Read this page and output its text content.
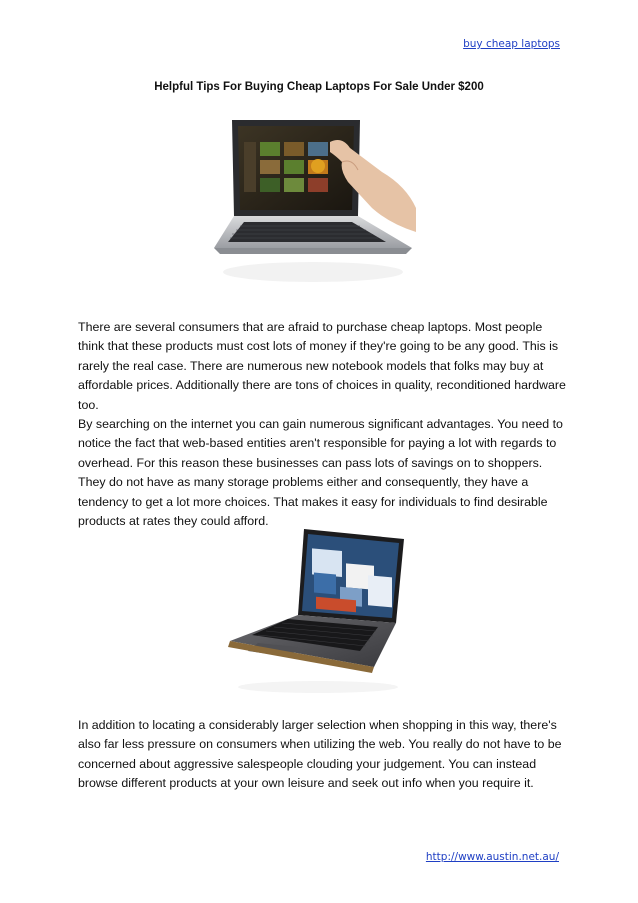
buy cheap laptops
Helpful Tips For Buying Cheap Laptops For Sale Under $200

There are several consumers that are afraid to purchase cheap laptops. Most people think that these products must cost lots of money if they're going to be any good. This is rarely the real case. There are numerous new notebook models that folks may buy at affordable prices. Additionally there are tons of choices in quality, reconditioned hardware too.

By searching on the internet you can gain numerous significant advantages. You need to notice the fact that web-based entities aren't responsible for paying a lot with regards to overhead. For this reason these businesses can pass lots of savings on to shoppers. They do not have as many storage problems either and consequently, they have a tendency to get a lot more choices. That makes it easy for individuals to find desirable products at rates they could afford.

In addition to locating a considerably larger selection when shopping in this way, there's also far less pressure on consumers when utilizing the web. You really do not have to be concerned about aggressive salespeople clouding your judgement. You can instead browse different products at your own leisure and seek out info when you require it.

http://www.austin.net.au/
